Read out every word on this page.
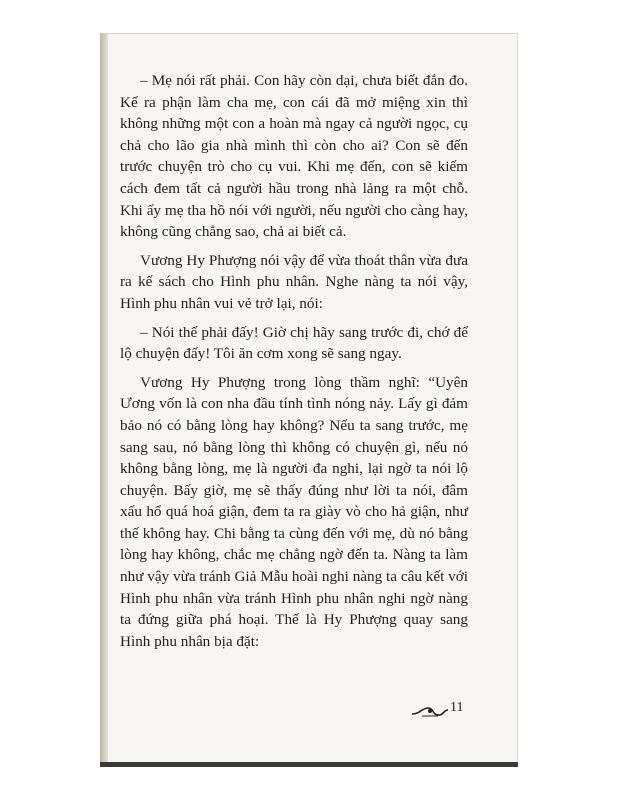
– Mẹ nói rất phải. Con hãy còn dại, chưa biết đắn đo. Kể ra phận làm cha mẹ, con cái đã mở miệng xin thì không những một con a hoàn mà ngay cả người ngọc, cụ chả cho lão gia nhà mình thì còn cho ai? Con sẽ đến trước chuyện trò cho cụ vui. Khi mẹ đến, con sẽ kiếm cách đem tất cả người hầu trong nhà lảng ra một chỗ. Khi ấy mẹ tha hồ nói với người, nếu người cho càng hay, không cũng chẳng sao, chả ai biết cả.

Vương Hy Phượng nói vậy để vừa thoát thân vừa đưa ra kế sách cho Hình phu nhân. Nghe nàng ta nói vậy, Hình phu nhân vui vẻ trở lại, nói:

– Nói thế phải đấy! Giờ chị hãy sang trước đi, chớ để lộ chuyện đấy! Tôi ăn cơm xong sẽ sang ngay.

Vương Hy Phượng trong lòng thầm nghĩ: “Uyên Ương vốn là con nha đầu tính tình nóng nảy. Lấy gì đảm bảo nó có bằng lòng hay không? Nếu ta sang trước, mẹ sang sau, nó bằng lòng thì không có chuyện gì, nếu nó không bằng lòng, mẹ là người đa nghi, lại ngờ ta nói lộ chuyện. Bấy giờ, mẹ sẽ thấy đúng như lời ta nói, đâm xấu hổ quá hoá giận, đem ta ra giày vò cho hả giận, như thế không hay. Chi bằng ta cùng đến với mẹ, dù nó bằng lòng hay không, chắc mẹ chẳng ngờ đến ta. Nàng ta làm như vậy vừa tránh Giả Mẫu hoài nghi nàng ta câu kết với Hình phu nhân vừa tránh Hình phu nhân nghi ngờ nàng ta đứng giữa phá hoại. Thế là Hy Phượng quay sang Hình phu nhân bịa đặt:

11
